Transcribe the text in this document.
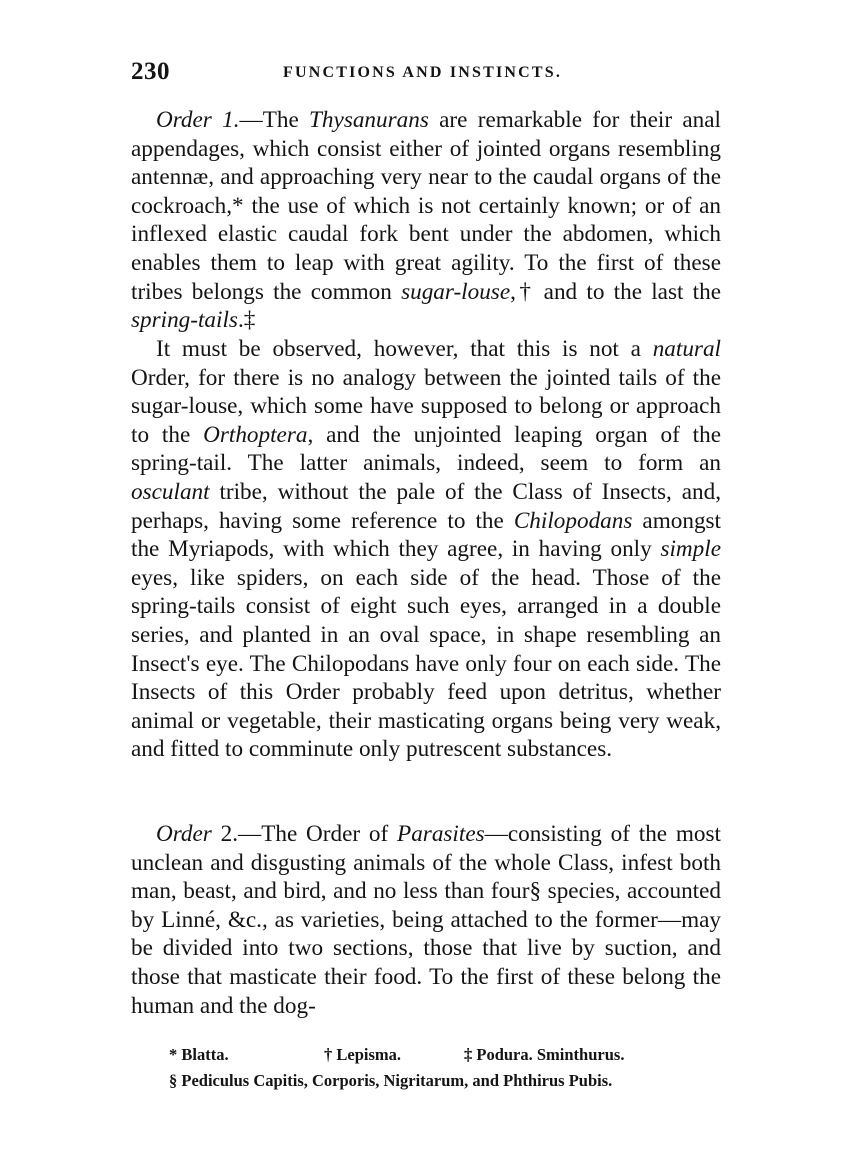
230	FUNCTIONS AND INSTINCTS.

Order 1.—The Thysanurans are remarkable for their anal appendages, which consist either of jointed organs resembling antennæ, and approaching very near to the caudal organs of the cockroach,* the use of which is not certainly known; or of an inflexed elastic caudal fork bent under the abdomen, which enables them to leap with great agility. To the first of these tribes belongs the common sugar-louse,† and to the last the spring-tails.‡

It must be observed, however, that this is not a natural Order, for there is no analogy between the jointed tails of the sugar-louse, which some have supposed to belong or approach to the Orthoptera, and the unjointed leaping organ of the spring-tail. The latter animals, indeed, seem to form an osculant tribe, without the pale of the Class of Insects, and, perhaps, having some reference to the Chilopodans amongst the Myriapods, with which they agree, in having only simple eyes, like spiders, on each side of the head. Those of the spring-tails consist of eight such eyes, arranged in a double series, and planted in an oval space, in shape resembling an Insect's eye. The Chilopodans have only four on each side. The Insects of this Order probably feed upon detritus, whether animal or vegetable, their masticating organs being very weak, and fitted to comminute only putrescent substances.

Order 2.—The Order of Parasites—consisting of the most unclean and disgusting animals of the whole Class, infest both man, beast, and bird, and no less than four§ species, accounted by Linné, &c., as varieties, being attached to the former—may be divided into two sections, those that live by suction, and those that masticate their food. To the first of these belong the human and the dog-

* Blatta.	† Lepisma.	‡ Podura. Sminthurus.
§ Pediculus Capitis, Corporis, Nigritarum, and Phthirus Pubis.
